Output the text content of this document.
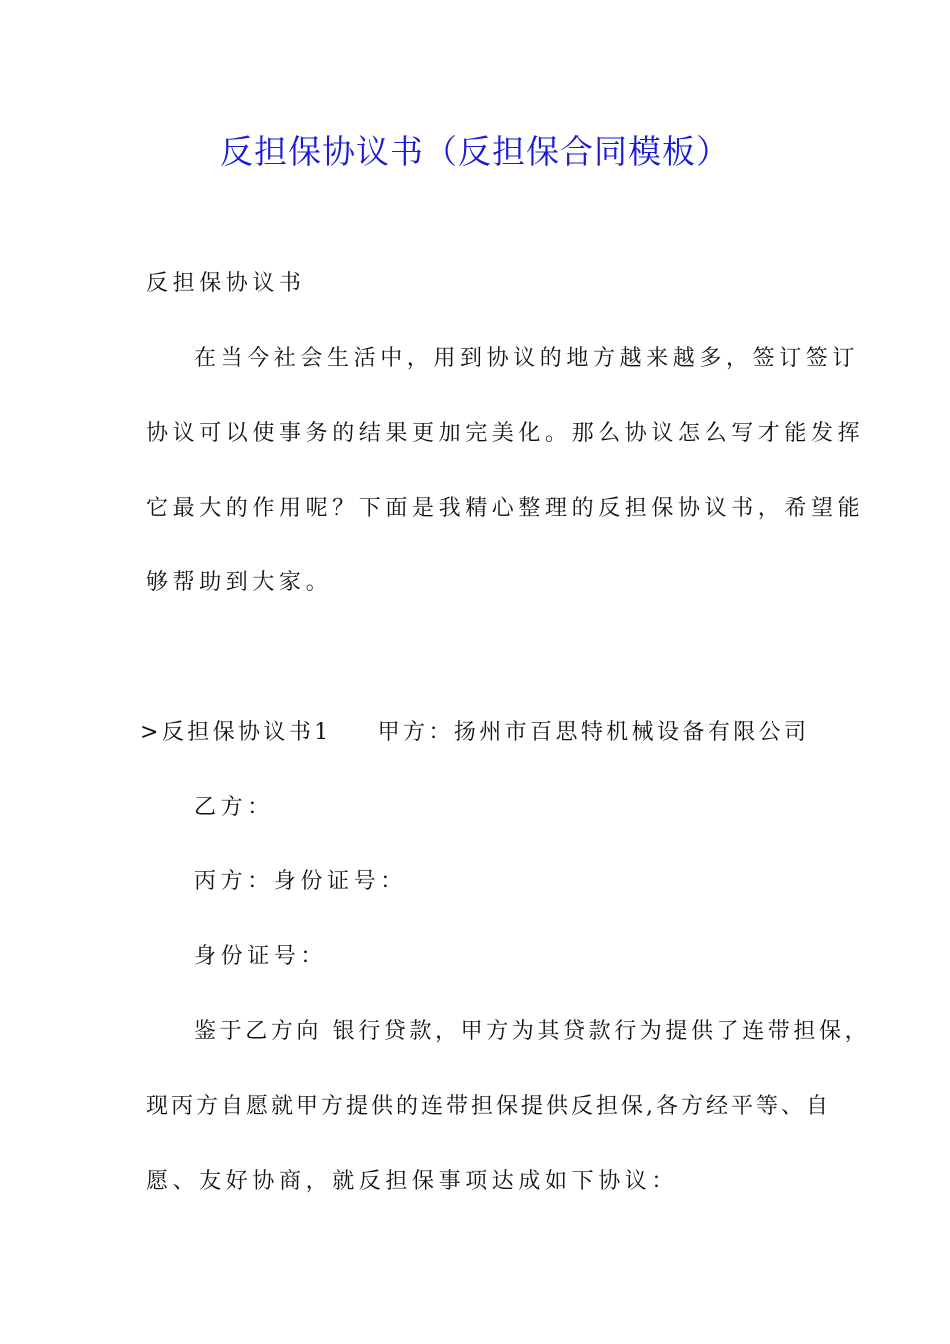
反担保协议书（反担保合同模板）

反担保协议书

在当今社会生活中，用到协议的地方越来越多，签订签订

协议可以使事务的结果更加完美化。那么协议怎么写才能发挥

它最大的作用呢？下面是我精心整理的反担保协议书，希望能

够帮助到大家。

>反担保协议书1 甲方：扬州市百思特机械设备有限公司

乙方：

丙方：身份证号：

身份证号：

鉴于乙方向 银行贷款，甲方为其贷款行为提供了连带担保，

现丙方自愿就甲方提供的连带担保提供反担保,各方经平等、自

愿、友好协商，就反担保事项达成如下协议：
